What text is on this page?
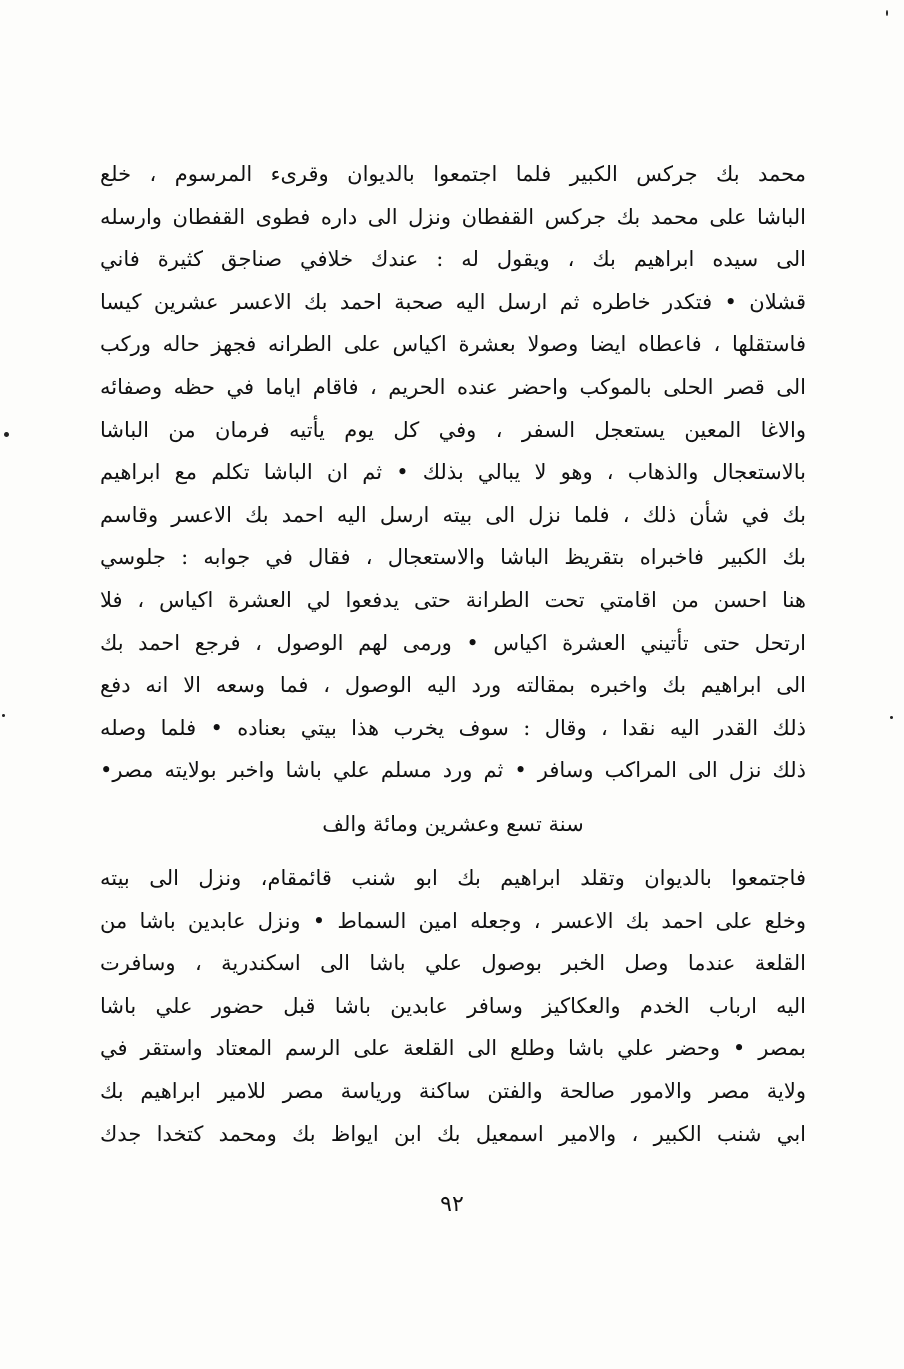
محمد بك جركس الكبير فلما اجتمعوا بالديوان وقرىء المرسوم ، خلع
الباشا على محمد بك جركس القفطان ونزل الى داره فطوى القفطان وارسله
الى سيده ابراهيم بك ، ويقول له : عندك خلافي صناجق كثيرة فاني
قشلان • فتكدر خاطره ثم ارسل اليه صحبة احمد بك الاعسر عشرين كيسا
فاستقلها ، فاعطاه ايضا وصولا بعشرة اكياس على الطرانه فجهز حاله وركب
الى قصر الحلى بالموكب واحضر عنده الحريم ، فاقام اياما في حظه وصفائه
والاغا المعين يستعجل السفر ، وفي كل يوم يأتيه فرمان من الباشا
بالاستعجال والذهاب ، وهو لا يبالي بذلك • ثم ان الباشا تكلم مع ابراهيم
بك في شأن ذلك ، فلما نزل الى بيته ارسل اليه احمد بك الاعسر وقاسم
بك الكبير فاخبراه بتقريظ الباشا والاستعجال ، فقال في جوابه : جلوسي
هنا احسن من اقامتي تحت الطرانة حتى يدفعوا لي العشرة اكياس ، فلا
ارتحل حتى تأتيني العشرة اكياس • ورمى لهم الوصول ، فرجع احمد بك
الى ابراهيم بك واخبره بمقالته ورد اليه الوصول ، فما وسعه الا انه دفع
ذلك القدر اليه نقدا ، وقال : سوف يخرب هذا بيتي بعناده • فلما وصله
ذلك نزل الى المراكب وسافر • ثم ورد مسلم علي باشا واخبر بولايته مصر•
سنة تسع وعشرين ومائة والف
فاجتمعوا بالديوان وتقلد ابراهيم بك ابو شنب قائمقام، ونزل الى بيته
وخلع على احمد بك الاعسر ، وجعله امين السماط • ونزل عابدين باشا من
القلعة عندما وصل الخبر بوصول علي باشا الى اسكندرية ، وسافرت
اليه ارباب الخدم والعكاكيز وسافر عابدين باشا قبل حضور علي باشا
بمصر • وحضر علي باشا وطلع الى القلعة على الرسم المعتاد واستقر في
ولاية مصر والامور صالحة والفتن ساكنة ورياسة مصر للامير ابراهيم بك
ابي شنب الكبير ، والامير اسمعيل بك ابن ايواظ بك ومحمد كتخدا جدك
٩٢
